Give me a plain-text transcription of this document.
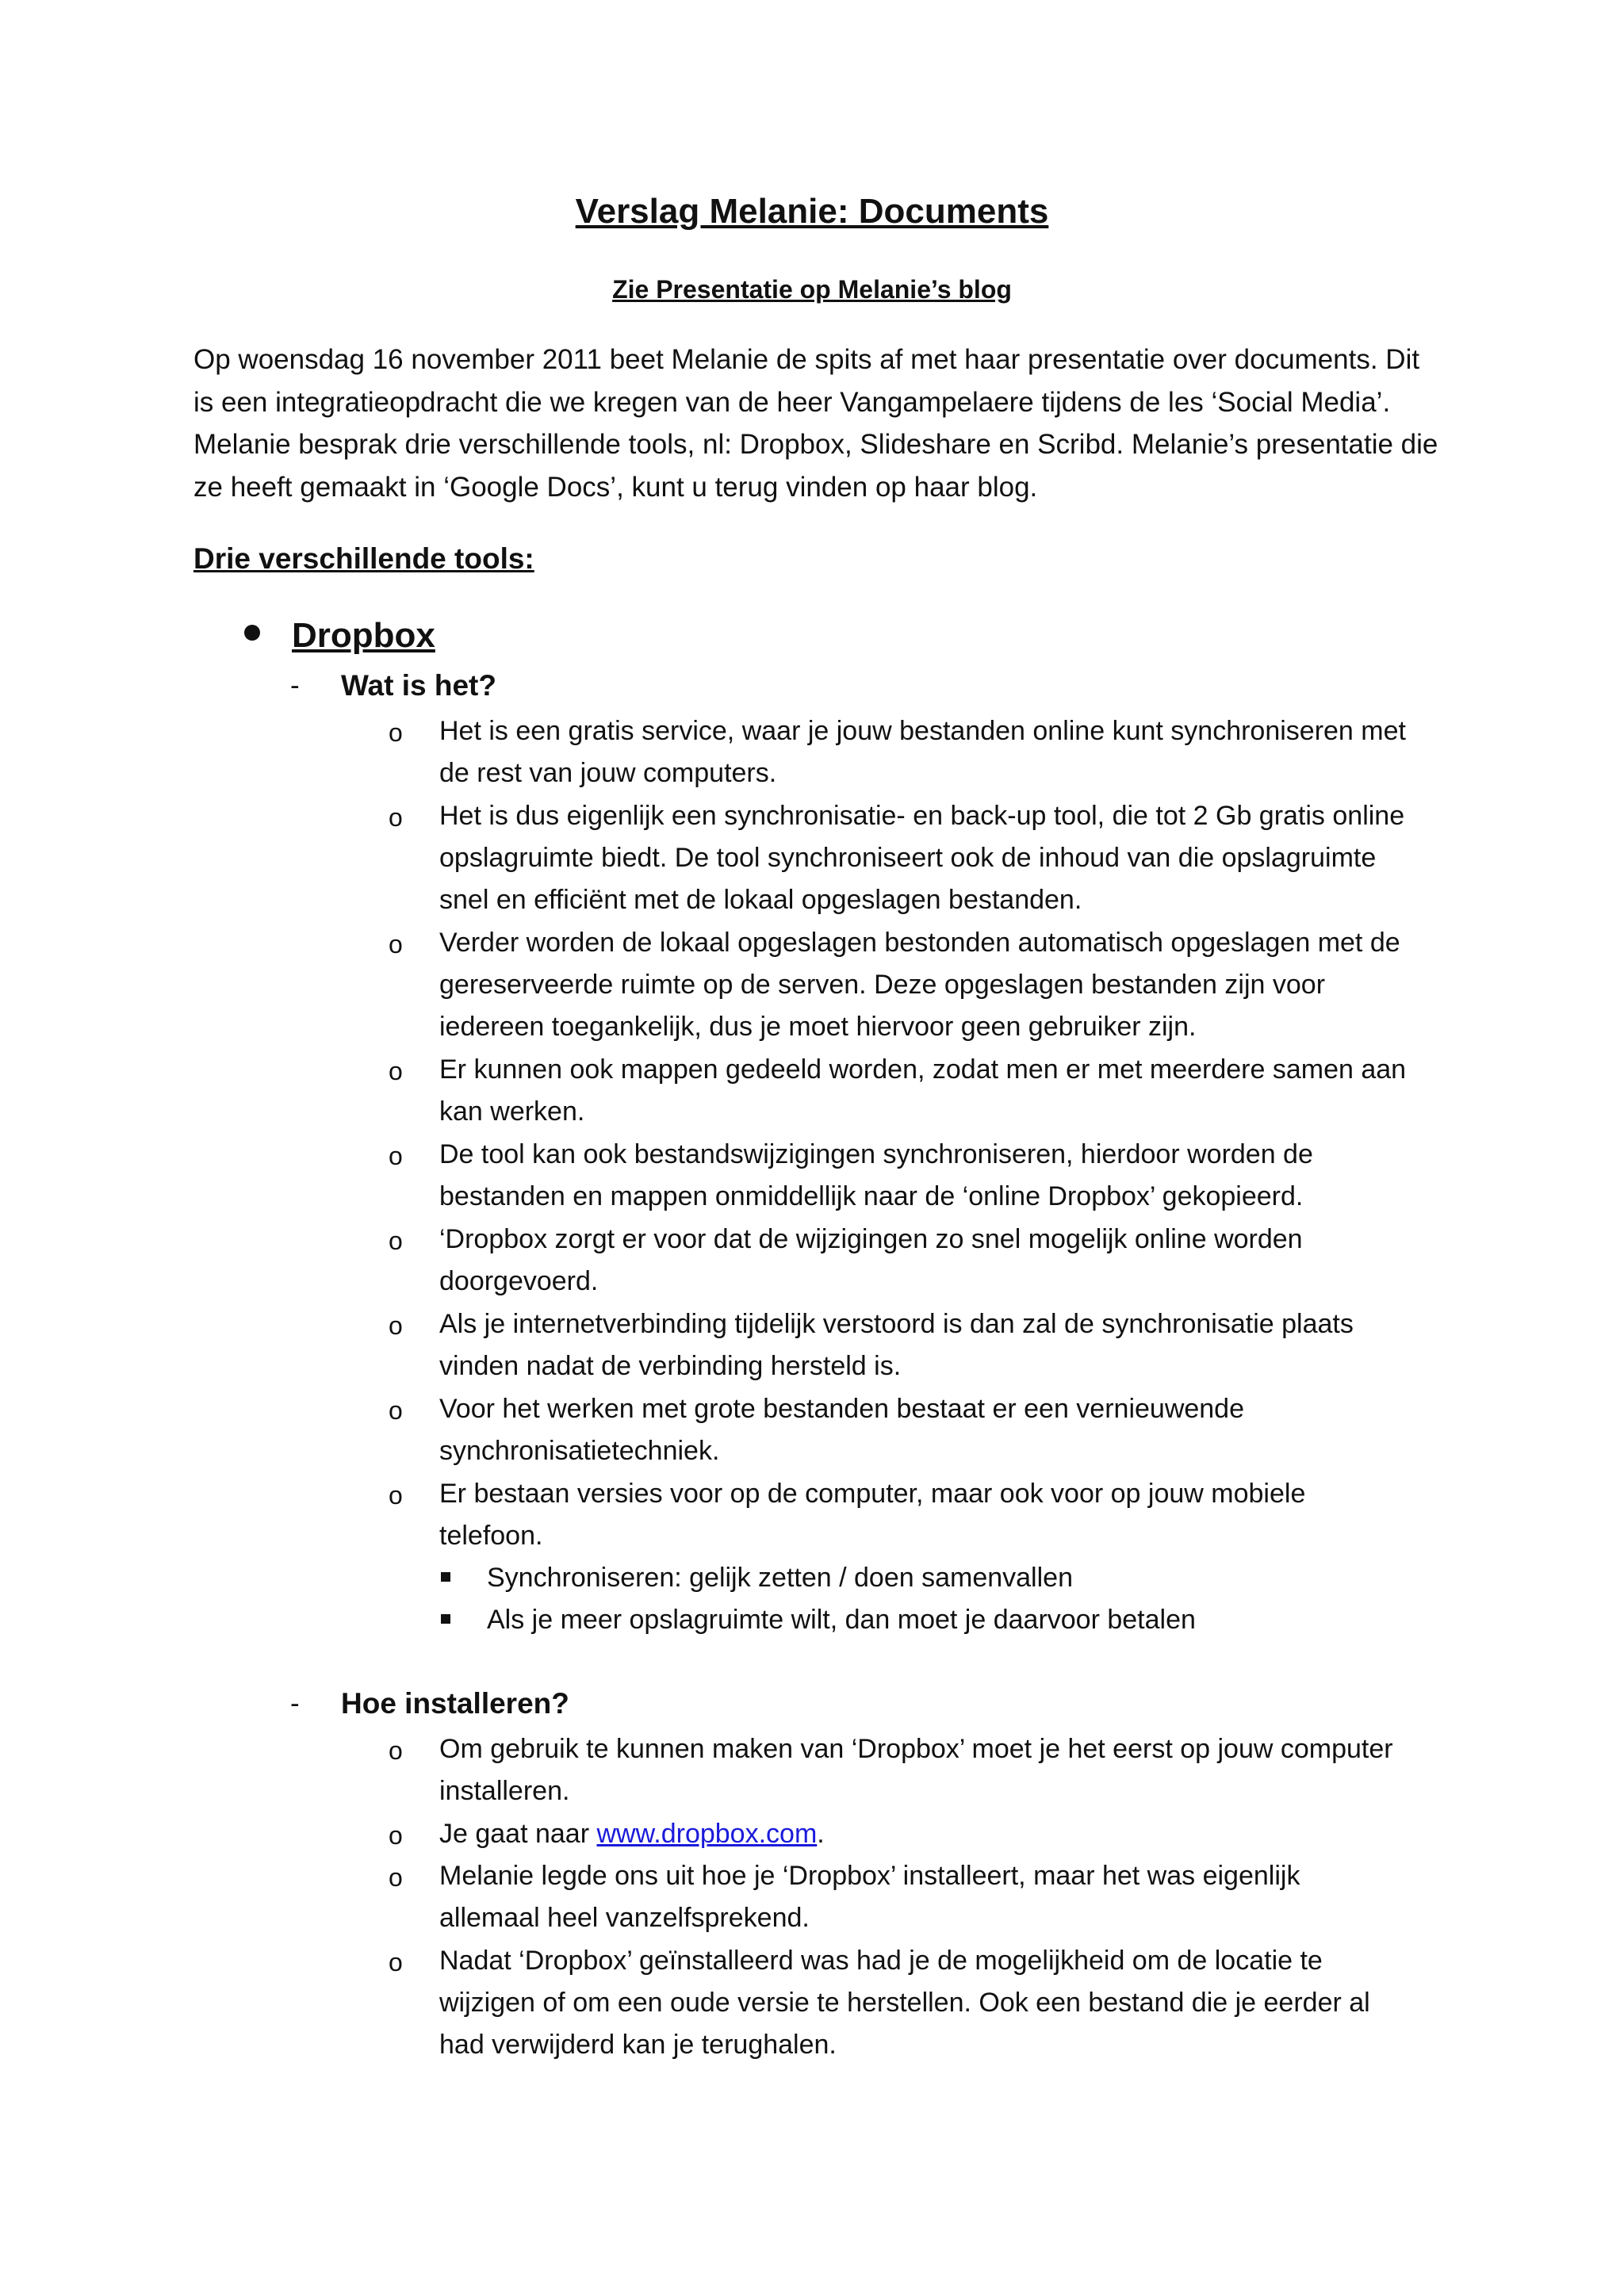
Verslag Melanie: Documents

Zie Presentatie op Melanie’s blog

Op woensdag 16 november 2011 beet Melanie de spits af met haar presentatie over documents. Dit

is een integratieopdracht die we kregen van de heer Vangampelaere tijdens de les ‘Social Media’.

Melanie besprak drie verschillende tools, nl: Dropbox, Slideshare en Scribd. Melanie’s presentatie die

ze heeft gemaakt in ‘Google Docs’, kunt u terug vinden op haar blog.

Drie verschillende tools:

Dropbox

- Wat is het?

o Het is een gratis service, waar je jouw bestanden online kunt synchroniseren met

de rest van jouw computers.

o Het is dus eigenlijk een synchronisatie- en back-up tool, die tot 2 Gb gratis online

opslagruimte biedt. De tool synchroniseert ook de inhoud van die opslagruimte

snel en efficiënt met de lokaal opgeslagen bestanden.

o Verder worden de lokaal opgeslagen bestonden automatisch opgeslagen met de

gereserveerde ruimte op de serven. Deze opgeslagen bestanden zijn voor

iedereen toegankelijk, dus je moet hiervoor geen gebruiker zijn.

o Er kunnen ook mappen gedeeld worden, zodat men er met meerdere samen aan

kan werken.

o De tool kan ook bestandswijzigingen synchroniseren, hierdoor worden de

bestanden en mappen onmiddellijk naar de ‘online Dropbox’ gekopieerd.

o ‘Dropbox zorgt er voor dat de wijzigingen zo snel mogelijk online worden

doorgevoerd.

o Als je internetverbinding tijdelijk verstoord is dan zal de synchronisatie plaats

vinden nadat de verbinding hersteld is.

o Voor het werken met grote bestanden bestaat er een vernieuwende

synchronisatietechniek.

o Er bestaan versies voor op de computer, maar ook voor op jouw mobiele

telefoon.

Synchroniseren: gelijk zetten / doen samenvallen

Als je meer opslagruimte wilt, dan moet je daarvoor betalen

- Hoe installeren?

o Om gebruik te kunnen maken van ‘Dropbox’ moet je het eerst op jouw computer

installeren.

o Je gaat naar www.dropbox.com.

o Melanie legde ons uit hoe je ‘Dropbox’ installeert, maar het was eigenlijk

allemaal heel vanzelfsprekend.

o Nadat ‘Dropbox’ geïnstalleerd was had je de mogelijkheid om de locatie te

wijzigen of om een oude versie te herstellen. Ook een bestand die je eerder al

had verwijderd kan je terughalen.
